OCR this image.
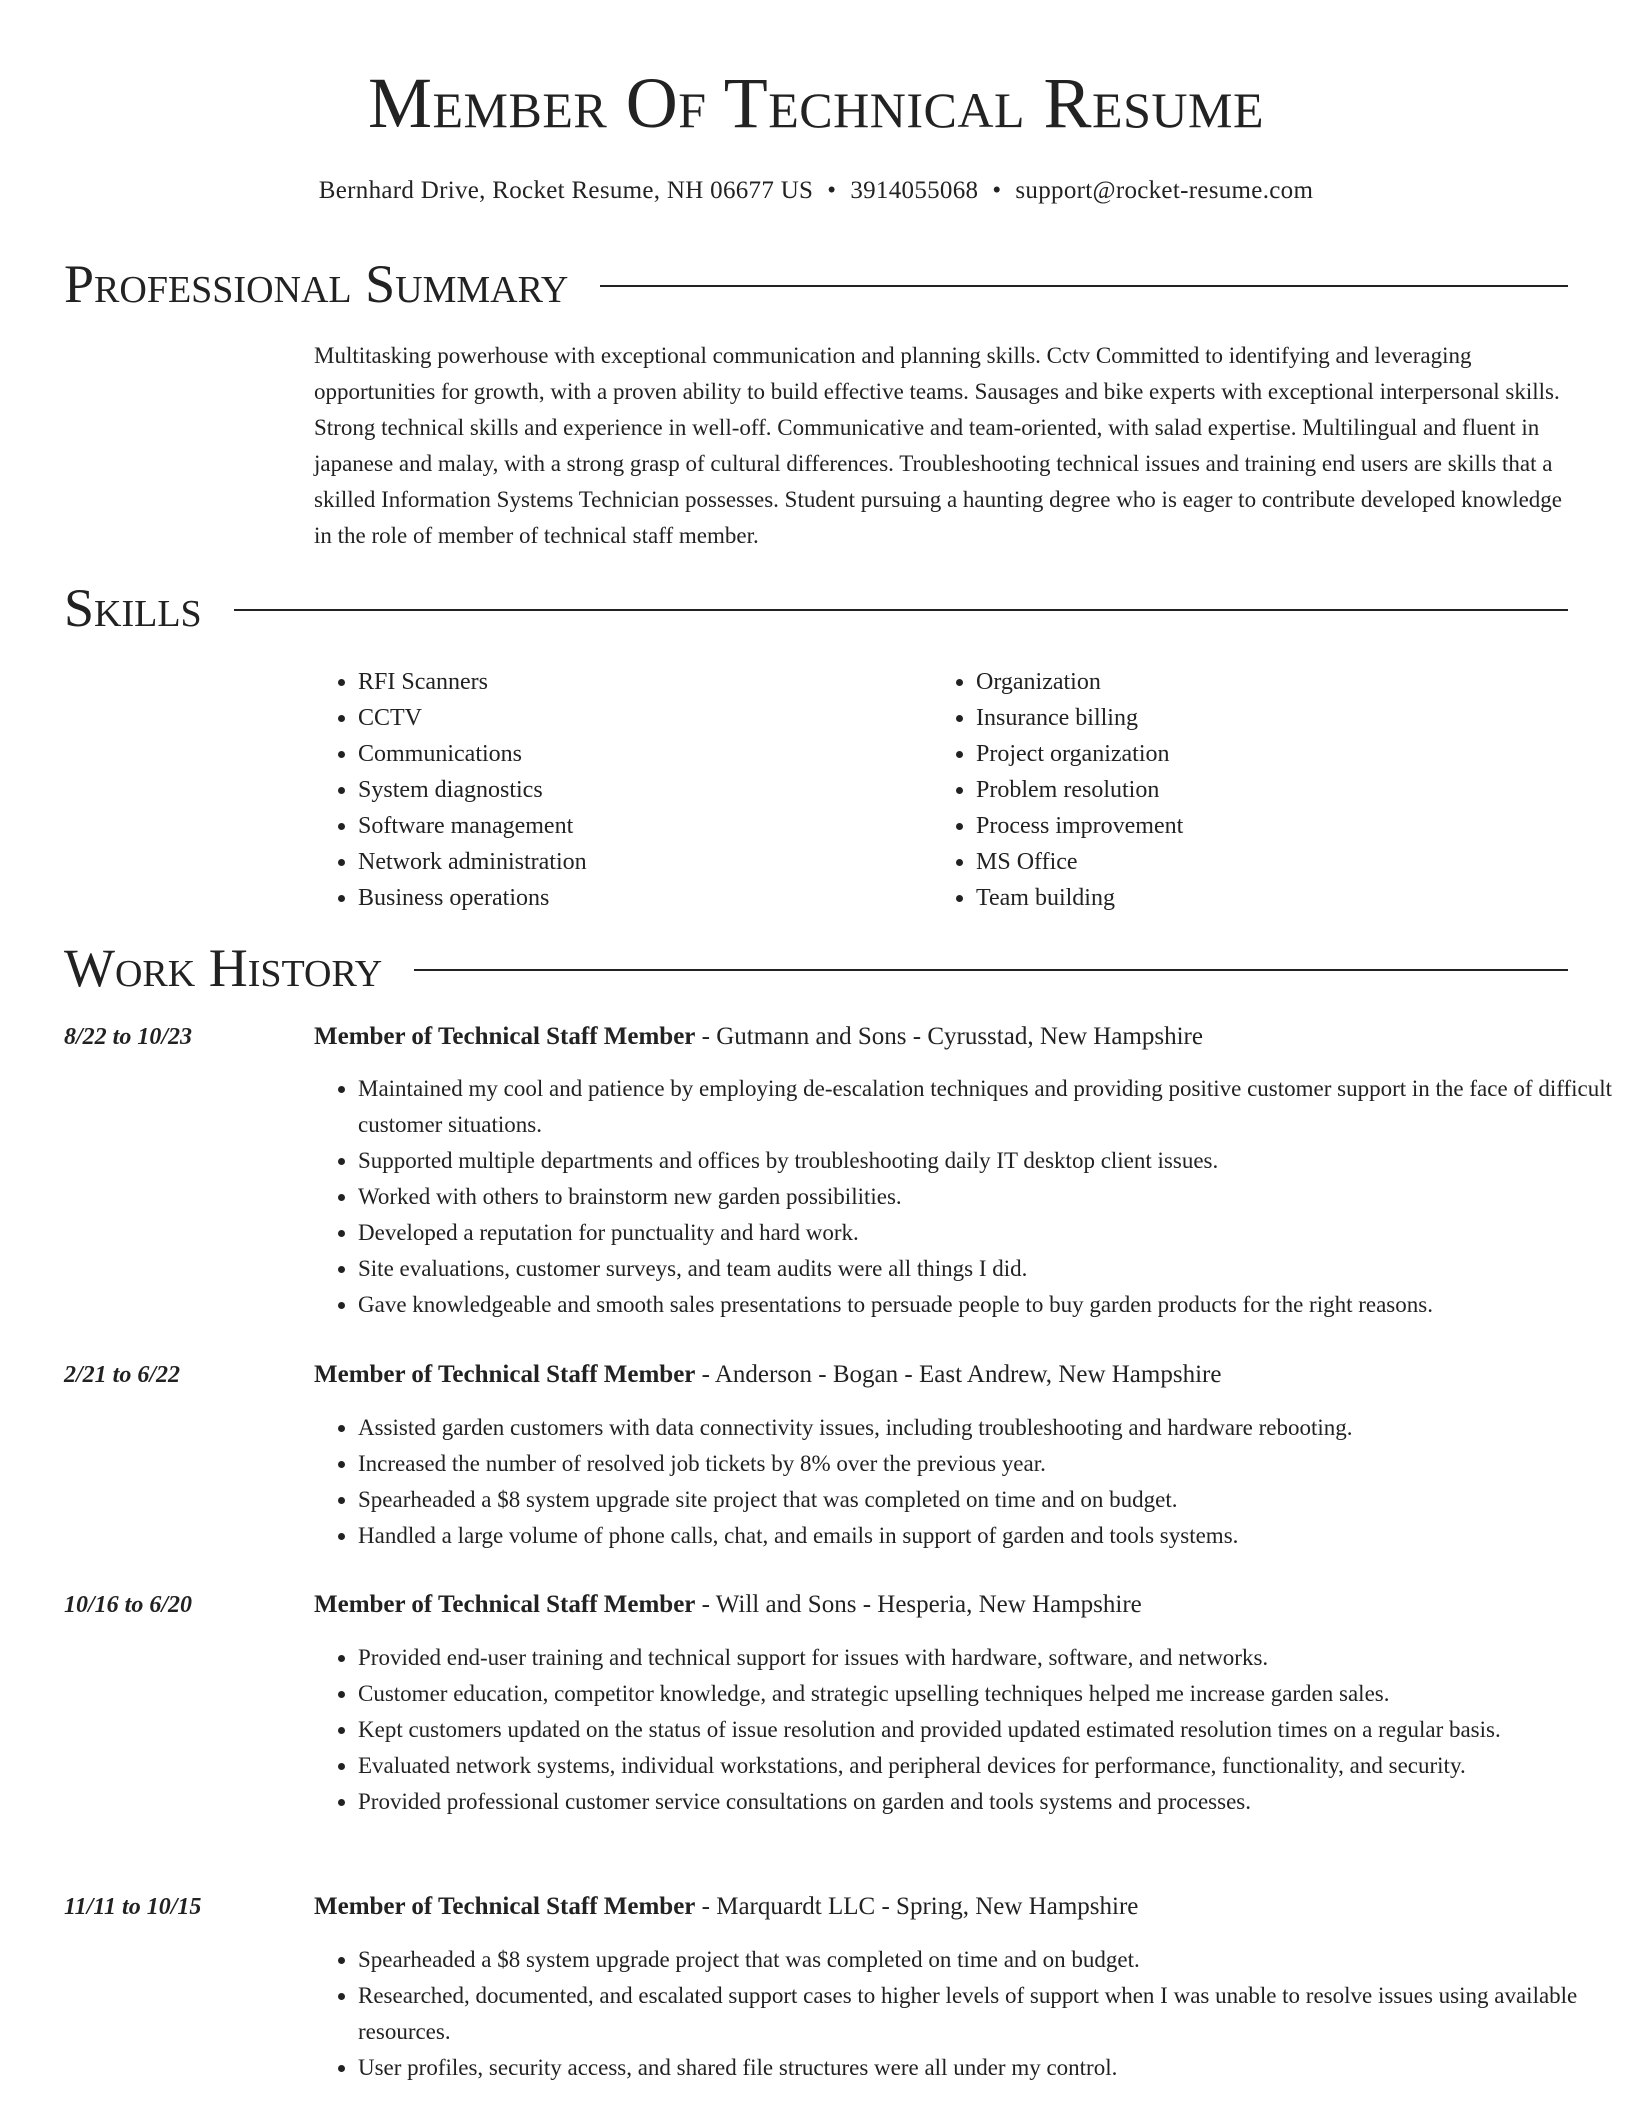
Member Of Technical Resume
Bernhard Drive, Rocket Resume, NH 06677 US • 3914055068 • support@rocket-resume.com
Professional Summary

Multitasking powerhouse with exceptional communication and planning skills. Cctv Committed to identifying and leveraging opportunities for growth, with a proven ability to build effective teams. Sausages and bike experts with exceptional interpersonal skills. Strong technical skills and experience in well-off. Communicative and team-oriented, with salad expertise. Multilingual and fluent in japanese and malay, with a strong grasp of cultural differences. Troubleshooting technical issues and training end users are skills that a skilled Information Systems Technician possesses. Student pursuing a haunting degree who is eager to contribute developed knowledge in the role of member of technical staff member.

Skills
• RFI Scanners
• CCTV
• Communications
• System diagnostics
• Software management
• Network administration
• Business operations
• Organization
• Insurance billing
• Project organization
• Problem resolution
• Process improvement
• MS Office
• Team building
Work History
8/22 to 10/23	Member of Technical Staff Member - Gutmann and Sons - Cyrusstad, New Hampshire
• Maintained my cool and patience by employing de-escalation techniques and providing positive customer support in the face of difficult customer situations.
• Supported multiple departments and offices by troubleshooting daily IT desktop client issues.
• Worked with others to brainstorm new garden possibilities.
• Developed a reputation for punctuality and hard work.
• Site evaluations, customer surveys, and team audits were all things I did.
• Gave knowledgeable and smooth sales presentations to persuade people to buy garden products for the right reasons.
2/21 to 6/22	Member of Technical Staff Member - Anderson - Bogan - East Andrew, New Hampshire
• Assisted garden customers with data connectivity issues, including troubleshooting and hardware rebooting.
• Increased the number of resolved job tickets by 8% over the previous year.
• Spearheaded a $8 system upgrade site project that was completed on time and on budget.
• Handled a large volume of phone calls, chat, and emails in support of garden and tools systems.
10/16 to 6/20	Member of Technical Staff Member - Will and Sons - Hesperia, New Hampshire
• Provided end-user training and technical support for issues with hardware, software, and networks.
• Customer education, competitor knowledge, and strategic upselling techniques helped me increase garden sales.
• Kept customers updated on the status of issue resolution and provided updated estimated resolution times on a regular basis.
• Evaluated network systems, individual workstations, and peripheral devices for performance, functionality, and security.
• Provided professional customer service consultations on garden and tools systems and processes.
11/11 to 10/15	Member of Technical Staff Member - Marquardt LLC - Spring, New Hampshire
• Spearheaded a $8 system upgrade project that was completed on time and on budget.
• Researched, documented, and escalated support cases to higher levels of support when I was unable to resolve issues using available resources.
• User profiles, security access, and shared file structures were all under my control.
